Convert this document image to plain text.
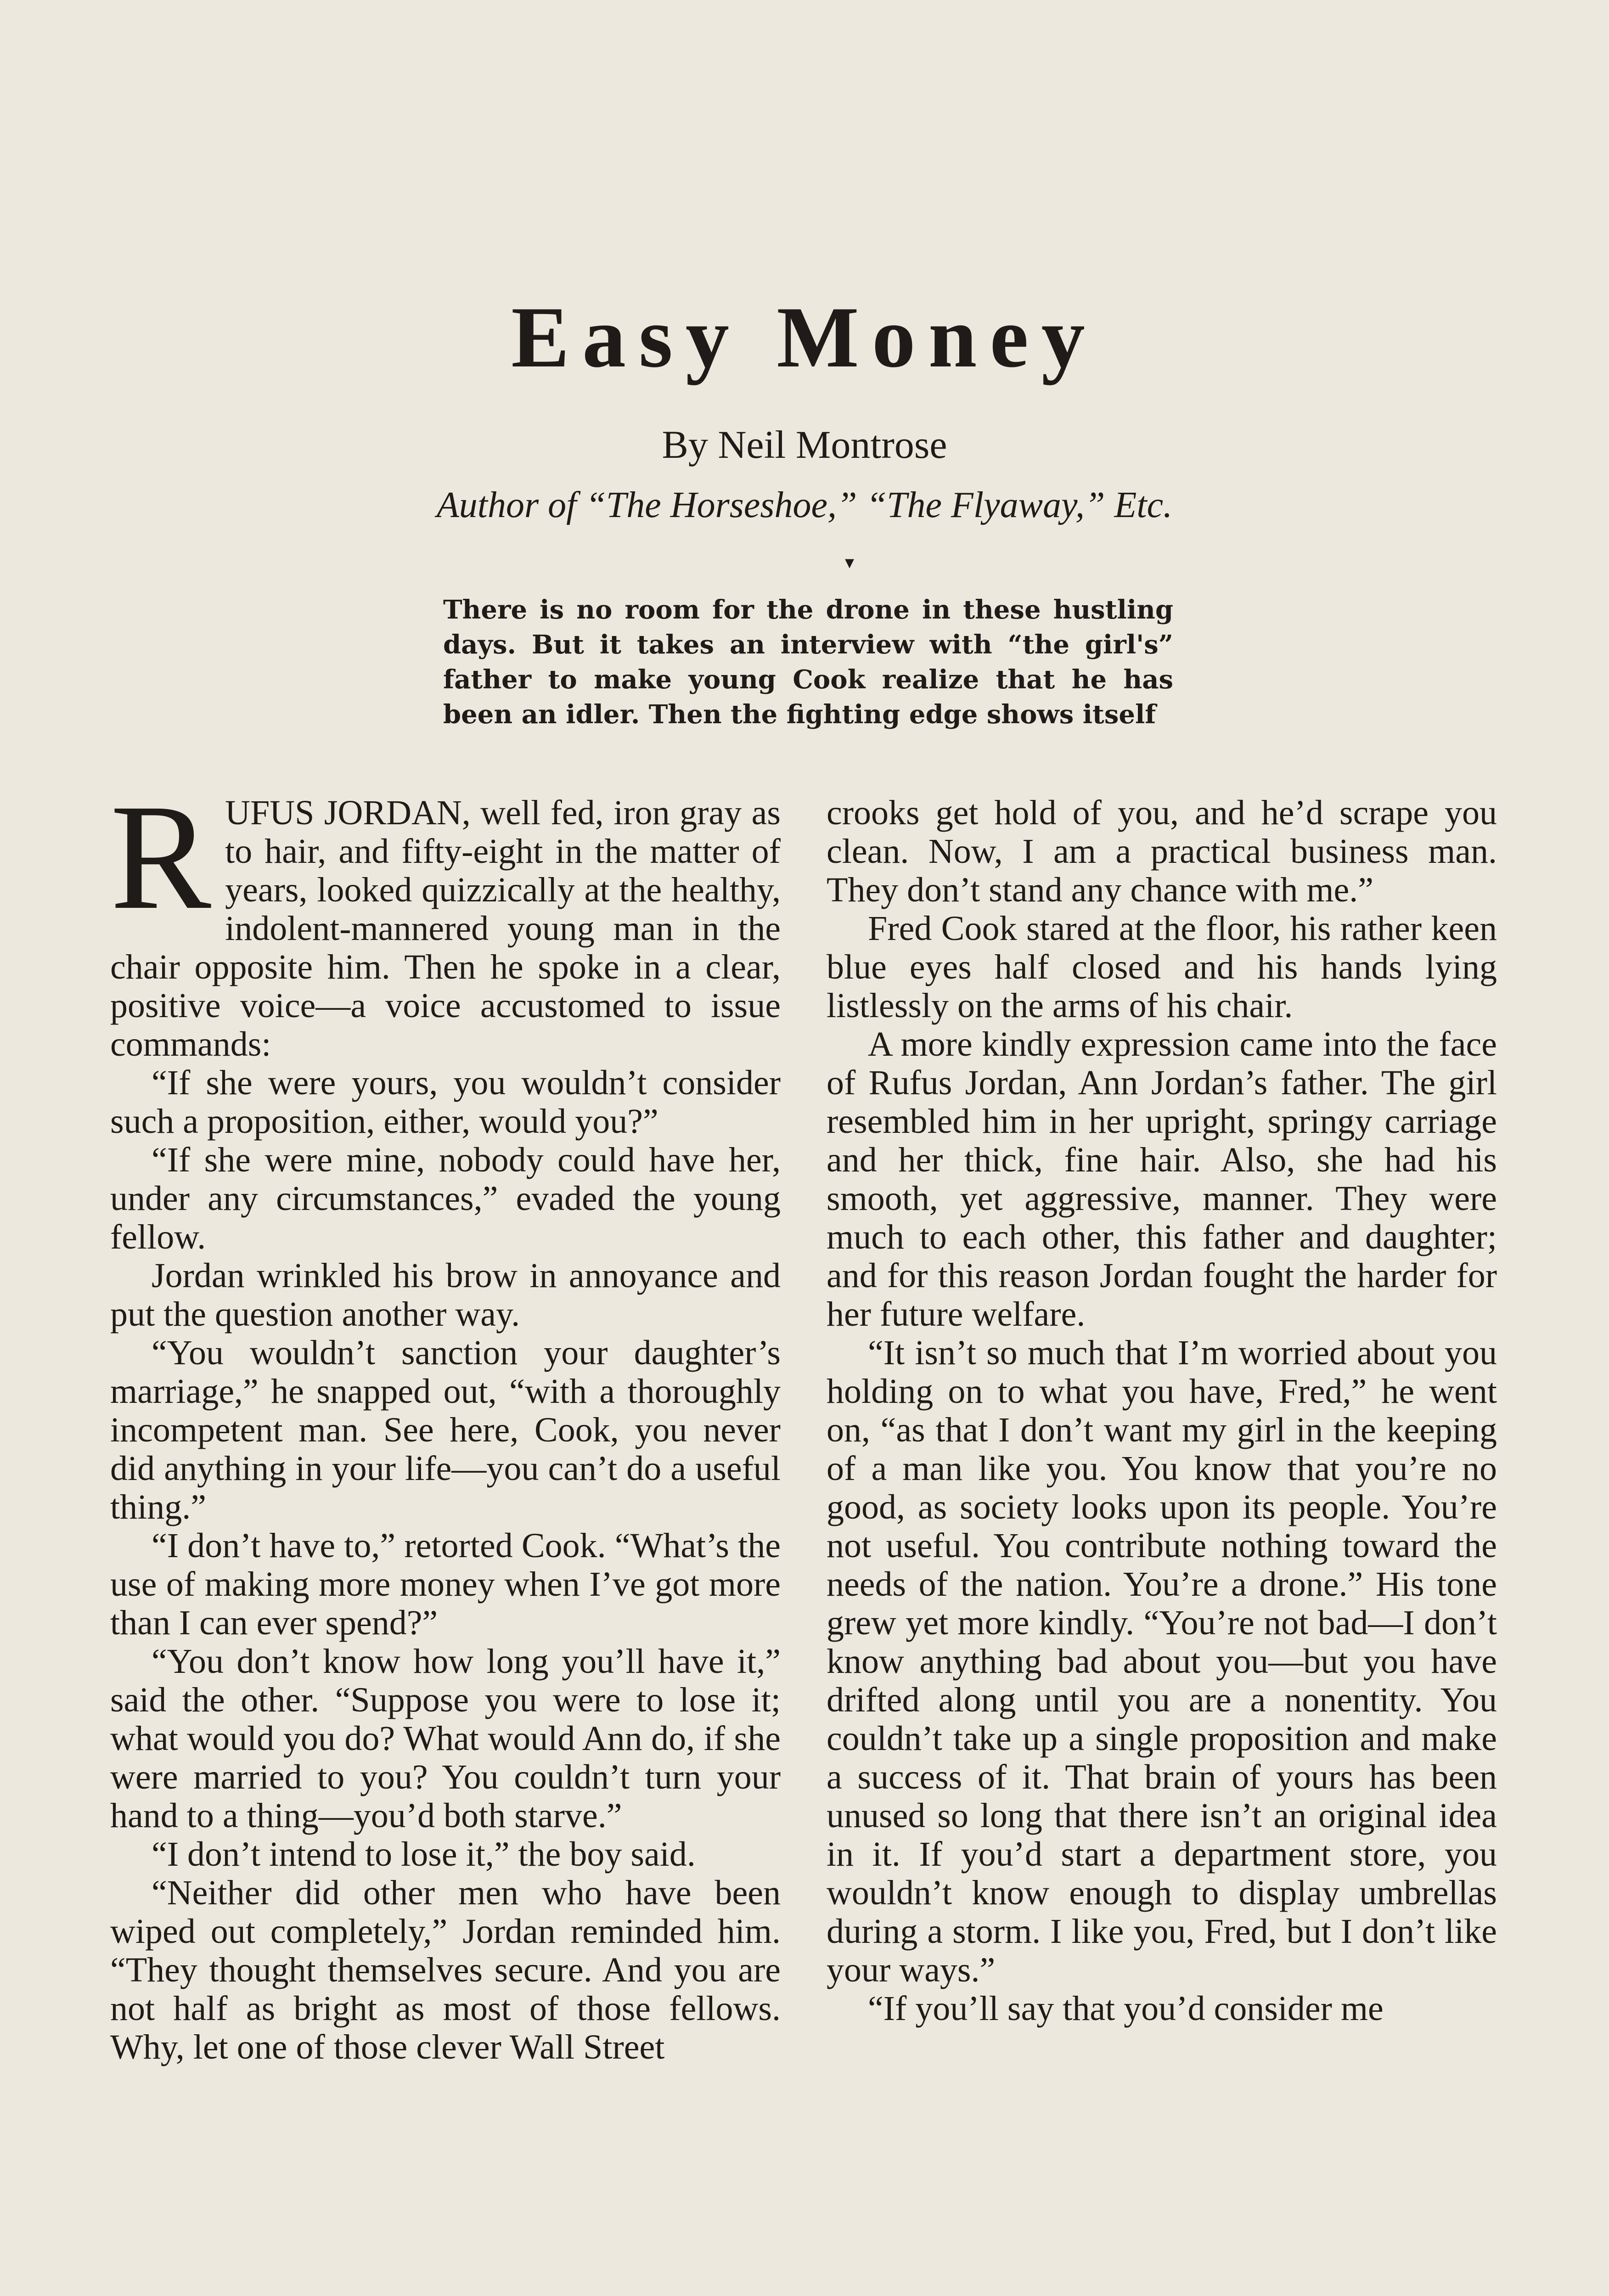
Easy Money
By Neil Montrose
Author of “The Horseshoe,” “The Flyaway,” Etc.
▾
There is no room for the drone in these hustling days. But it takes an interview with “the girl's” father to make young Cook realize that he has been an idler. Then the fighting edge shows itself

RUFUS JORDAN, well fed, iron gray as to hair, and fifty-eight in the matter of years, looked quizzically at the healthy, indolent-mannered young man in the chair opposite him. Then he spoke in a clear, positive voice—a voice accustomed to issue commands:

“If she were yours, you wouldn’t consider such a proposition, either, would you?”

“If she were mine, nobody could have her, under any circumstances,” evaded the young fellow.

Jordan wrinkled his brow in annoyance and put the question another way.

“You wouldn’t sanction your daughter’s marriage,” he snapped out, “with a thoroughly incompetent man. See here, Cook, you never did anything in your life—you can’t do a useful thing.”

“I don’t have to,” retorted Cook. “What’s the use of making more money when I’ve got more than I can ever spend?”

“You don’t know how long you’ll have it,” said the other. “Suppose you were to lose it; what would you do? What would Ann do, if she were married to you? You couldn’t turn your hand to a thing—you’d both starve.”

“I don’t intend to lose it,” the boy said.

“Neither did other men who have been wiped out completely,” Jordan reminded him. “They thought themselves secure. And you are not half as bright as most of those fellows. Why, let one of those clever Wall Street

crooks get hold of you, and he’d scrape you clean. Now, I am a practical business man. They don’t stand any chance with me.”

Fred Cook stared at the floor, his rather keen blue eyes half closed and his hands lying listlessly on the arms of his chair.

A more kindly expression came into the face of Rufus Jordan, Ann Jordan’s father. The girl resembled him in her upright, springy carriage and her thick, fine hair. Also, she had his smooth, yet aggressive, manner. They were much to each other, this father and daughter; and for this reason Jordan fought the harder for her future welfare.

“It isn’t so much that I’m worried about you holding on to what you have, Fred,” he went on, “as that I don’t want my girl in the keeping of a man like you. You know that you’re no good, as society looks upon its people. You’re not useful. You contribute nothing toward the needs of the nation. You’re a drone.” His tone grew yet more kindly. “You’re not bad—I don’t know anything bad about you—but you have drifted along until you are a nonentity. You couldn’t take up a single proposition and make a success of it. That brain of yours has been unused so long that there isn’t an original idea in it. If you’d start a department store, you wouldn’t know enough to display umbrellas during a storm. I like you, Fred, but I don’t like your ways.”

“If you’ll say that you’d consider me
